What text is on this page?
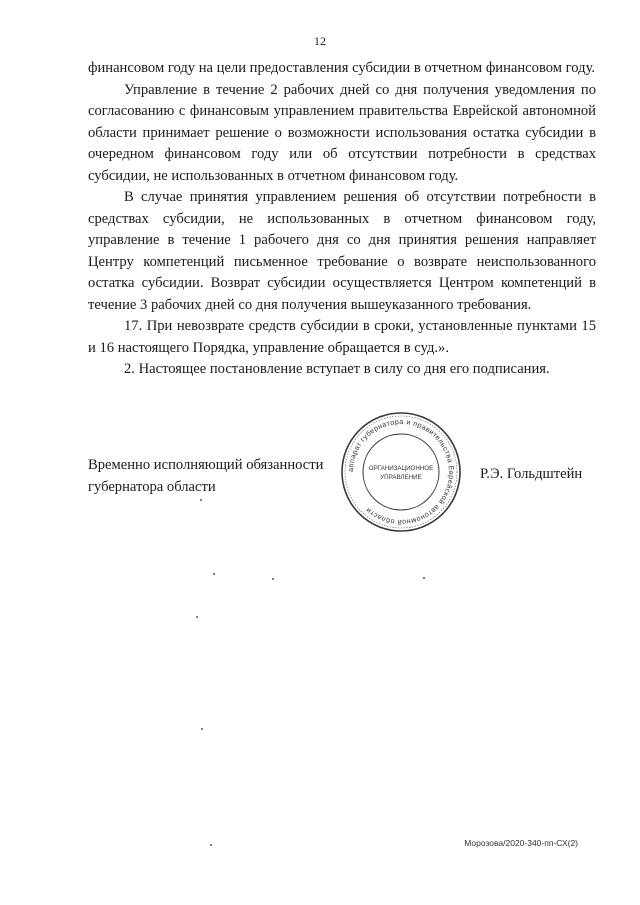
12

финансовом году на цели предоставления субсидии в отчетном финансовом году.

Управление в течение 2 рабочих дней со дня получения уведомления по согласованию с финансовым управлением правительства Еврейской автономной области принимает решение о возможности использования остатка субсидии в очередном финансовом году или об отсутствии потребности в средствах субсидии, не использованных в отчетном финансовом году.

В случае принятия управлением решения об отсутствии потребности в средствах субсидии, не использованных в отчетном финансовом году, управление в течение 1 рабочего дня со дня принятия решения направляет Центру компетенций письменное требование о возврате неиспользованного остатка субсидии. Возврат субсидии осуществляется Центром компетенций в течение 3 рабочих дней со дня получения вышеуказанного требования.

17. При невозврате средств субсидии в сроки, установленные пунктами 15 и 16 настоящего Порядка, управление обращается в суд.».

2. Настоящее постановление вступает в силу со дня его подписания.

Временно исполняющий обязанности
губернатора области
аппарат губернатора и правительства Еврейской автономной области
ОРГАНИЗАЦИОННОЕ
УПРАВЛЕНИЕ	Р.Э. Гольдштейн
Морозова/2020-340-пп-СХ(2)
